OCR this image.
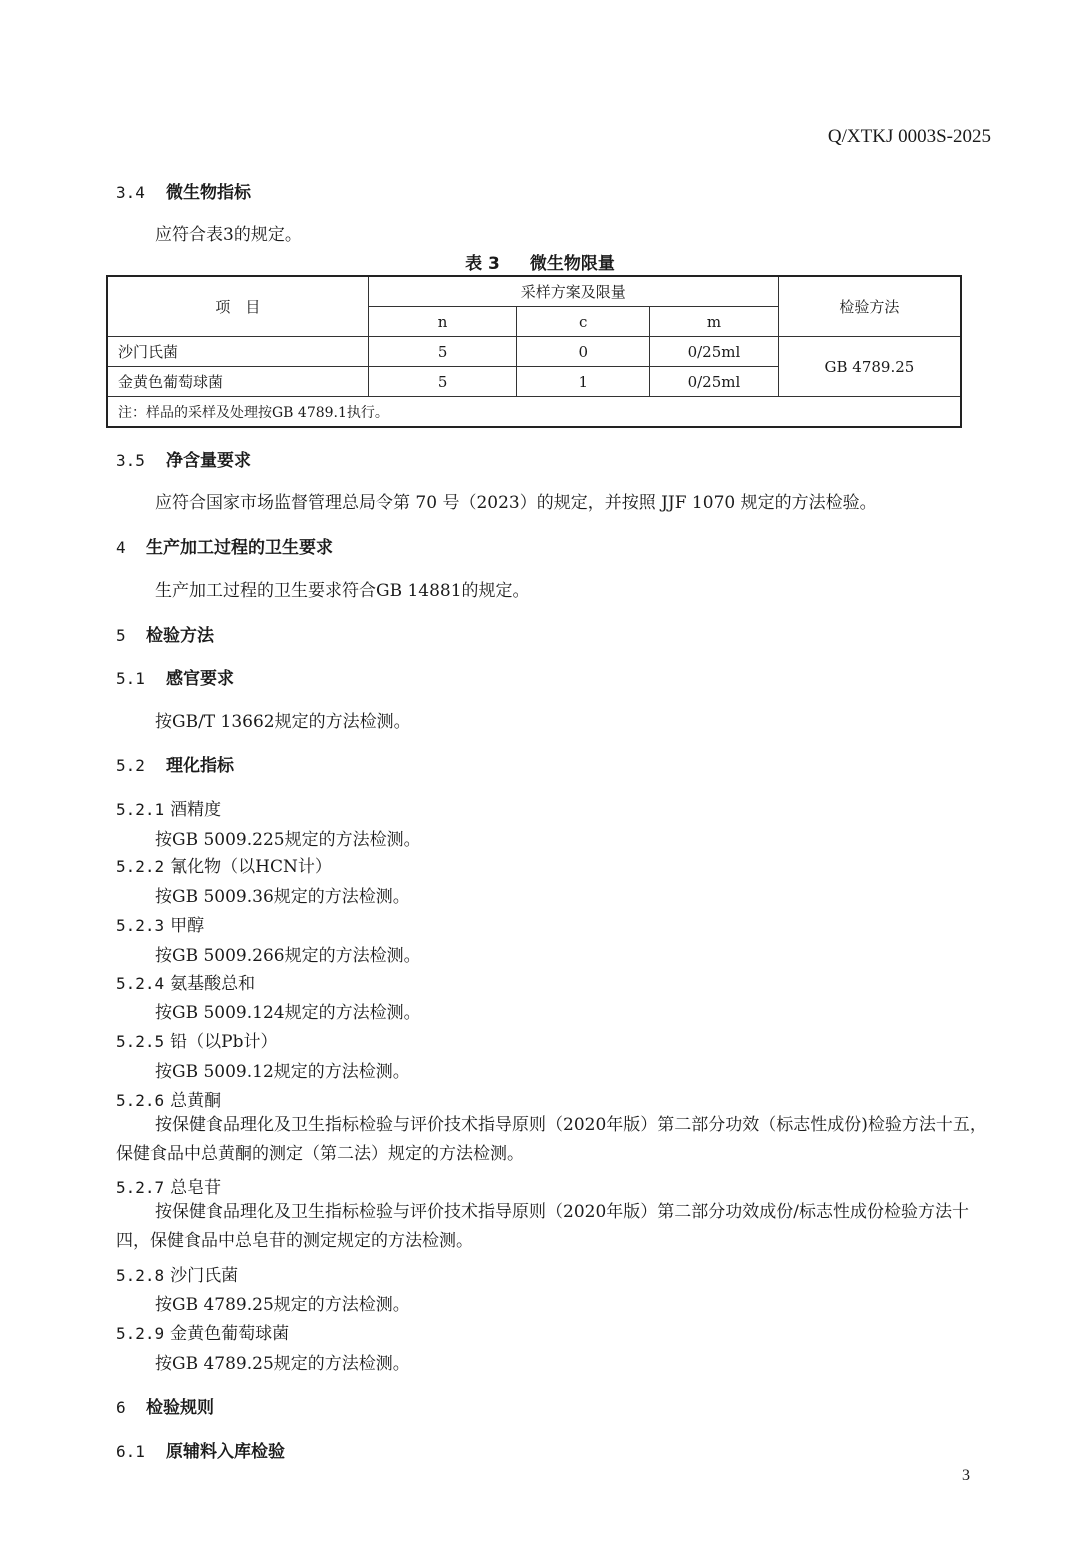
Q/XTKJ 0003S-2025
3.4 微生物指标
应符合表3的规定。
表 3 微生物限量
项　目	采样方案及限量			检验方法
	n	c	m	
沙门氏菌	5	0	0/25ml	GB 4789.25
金黄色葡萄球菌	5	1	0/25ml	
注：样品的采样及处理按GB 4789.1执行。				
3.5 净含量要求
应符合国家市场监督管理总局令第 70 号（2023）的规定，并按照 JJF 1070 规定的方法检验。
4 生产加工过程的卫生要求
生产加工过程的卫生要求符合GB 14881的规定。
5 检验方法
5.1 感官要求
按GB/T 13662规定的方法检测。
5.2 理化指标
5.2.1 酒精度
按GB 5009.225规定的方法检测。
5.2.2 氰化物（以HCN计）
按GB 5009.36规定的方法检测。
5.2.3 甲醇
按GB 5009.266规定的方法检测。
5.2.4 氨基酸总和
按GB 5009.124规定的方法检测。
5.2.5 铅（以Pb计）
按GB 5009.12规定的方法检测。
5.2.6 总黄酮
按保健食品理化及卫生指标检验与评价技术指导原则（2020年版）第二部分功效（标志性成份)检验方法十五，保健食品中总黄酮的测定（第二法）规定的方法检测。
5.2.7 总皂苷
按保健食品理化及卫生指标检验与评价技术指导原则（2020年版）第二部分功效成份/标志性成份检验方法十四，保健食品中总皂苷的测定规定的方法检测。
5.2.8 沙门氏菌
按GB 4789.25规定的方法检测。
5.2.9 金黄色葡萄球菌
按GB 4789.25规定的方法检测。
6 检验规则
6.1 原辅料入库检验
3
